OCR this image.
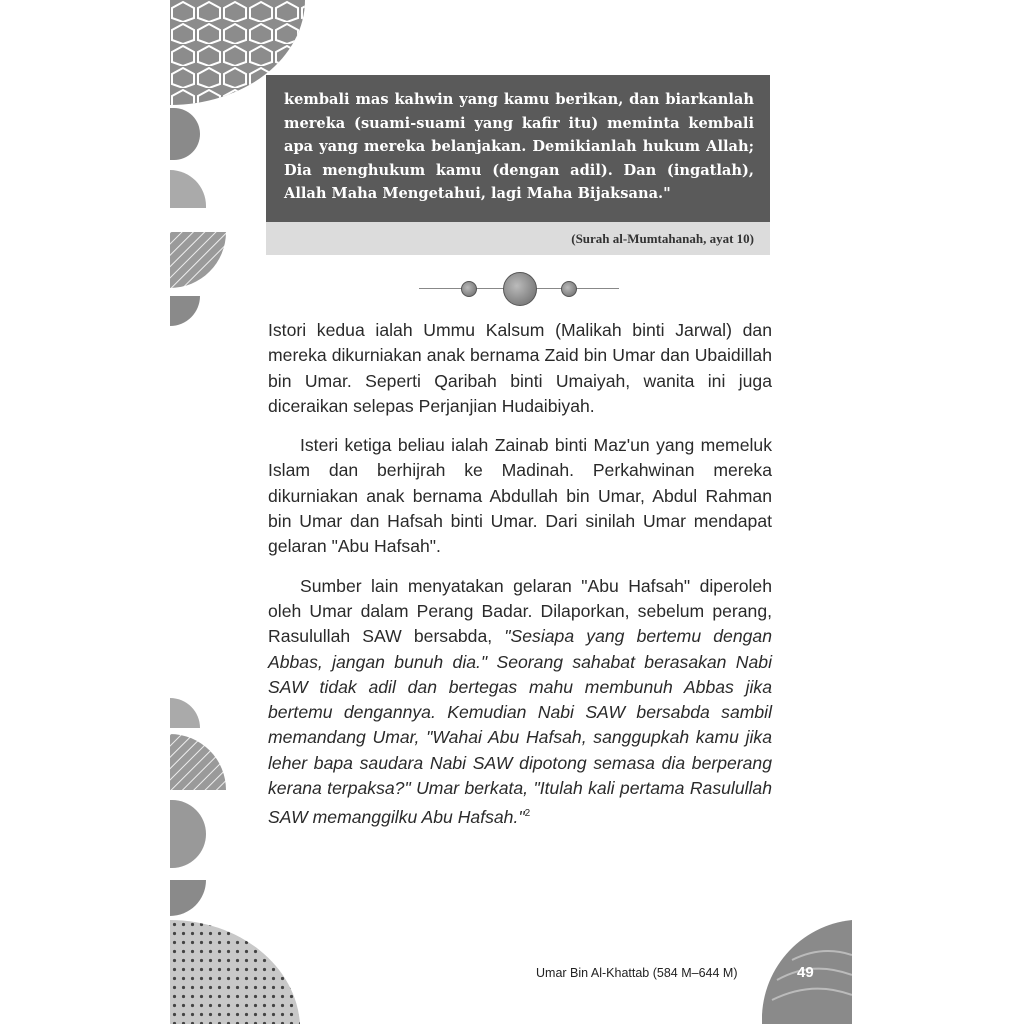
kembali mas kahwin yang kamu berikan, dan biarkanlah mereka (suami-suami yang kafir itu) meminta kembali apa yang mereka belanjakan. Demikianlah hukum Allah; Dia menghukum kamu (dengan adil). Dan (ingatlah), Allah Maha Mengetahui, lagi Maha Bijaksana."
(Surah al-Mumtahanah, ayat 10)

Istori kedua ialah Ummu Kalsum (Malikah binti Jarwal) dan mereka dikurniakan anak bernama Zaid bin Umar dan Ubaidillah bin Umar. Seperti Qaribah binti Umaiyah, wanita ini juga diceraikan selepas Perjanjian Hudaibiyah.

Isteri ketiga beliau ialah Zainab binti Maz'un yang memeluk Islam dan berhijrah ke Madinah. Perkahwinan mereka dikurniakan anak bernama Abdullah bin Umar, Abdul Rahman bin Umar dan Hafsah binti Umar. Dari sinilah Umar mendapat gelaran "Abu Hafsah".

Sumber lain menyatakan gelaran "Abu Hafsah" diperoleh oleh Umar dalam Perang Badar. Dilaporkan, sebelum perang, Rasulullah SAW bersabda, "Sesiapa yang bertemu dengan Abbas, jangan bunuh dia." Seorang sahabat berasakan Nabi SAW tidak adil dan bertegas mahu membunuh Abbas jika bertemu dengannya. Kemudian Nabi SAW bersabda sambil memandang Umar, "Wahai Abu Hafsah, sanggupkah kamu jika leher bapa saudara Nabi SAW dipotong semasa dia berperang kerana terpaksa?" Umar berkata, "Itulah kali pertama Rasulullah SAW memanggilku Abu Hafsah."$^2$

Umar Bin Al-Khattab (584 M–644 M)	49
